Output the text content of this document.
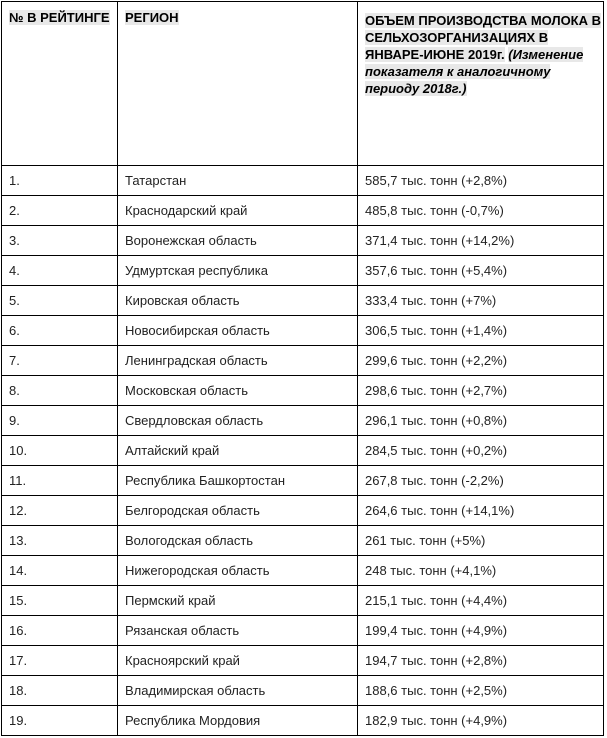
№ В РЕЙТИНГЕ	РЕГИОН	ОБЪЕМ ПРОИЗВОДСТВА МОЛОКА В СЕЛЬХОЗОРГАНИЗАЦИЯХ В ЯНВАРЕ-ИЮНЕ 2019г. (Изменение показателя к аналогичному периоду 2018г.)
1.	Татарстан	585,7 тыс. тонн (+2,8%)
2.	Краснодарский край	485,8 тыс. тонн (-0,7%)
3.	Воронежская область	371,4 тыс. тонн (+14,2%)
4.	Удмуртская республика	357,6 тыс. тонн (+5,4%)
5.	Кировская область	333,4 тыс. тонн (+7%)
6.	Новосибирская область	306,5 тыс. тонн (+1,4%)
7.	Ленинградская область	299,6 тыс. тонн (+2,2%)
8.	Московская область	298,6 тыс. тонн (+2,7%)
9.	Свердловская область	296,1 тыс. тонн (+0,8%)
10.	Алтайский край	284,5 тыс. тонн (+0,2%)
11.	Республика Башкортостан	267,8 тыс. тонн (-2,2%)
12.	Белгородская область	264,6 тыс. тонн (+14,1%)
13.	Вологодская область	261 тыс. тонн (+5%)
14.	Нижегородская область	248 тыс. тонн (+4,1%)
15.	Пермский край	215,1 тыс. тонн (+4,4%)
16.	Рязанская область	199,4 тыс. тонн (+4,9%)
17.	Красноярский край	194,7 тыс. тонн (+2,8%)
18.	Владимирская область	188,6 тыс. тонн (+2,5%)
19.	Республика Мордовия	182,9 тыс. тонн (+4,9%)
